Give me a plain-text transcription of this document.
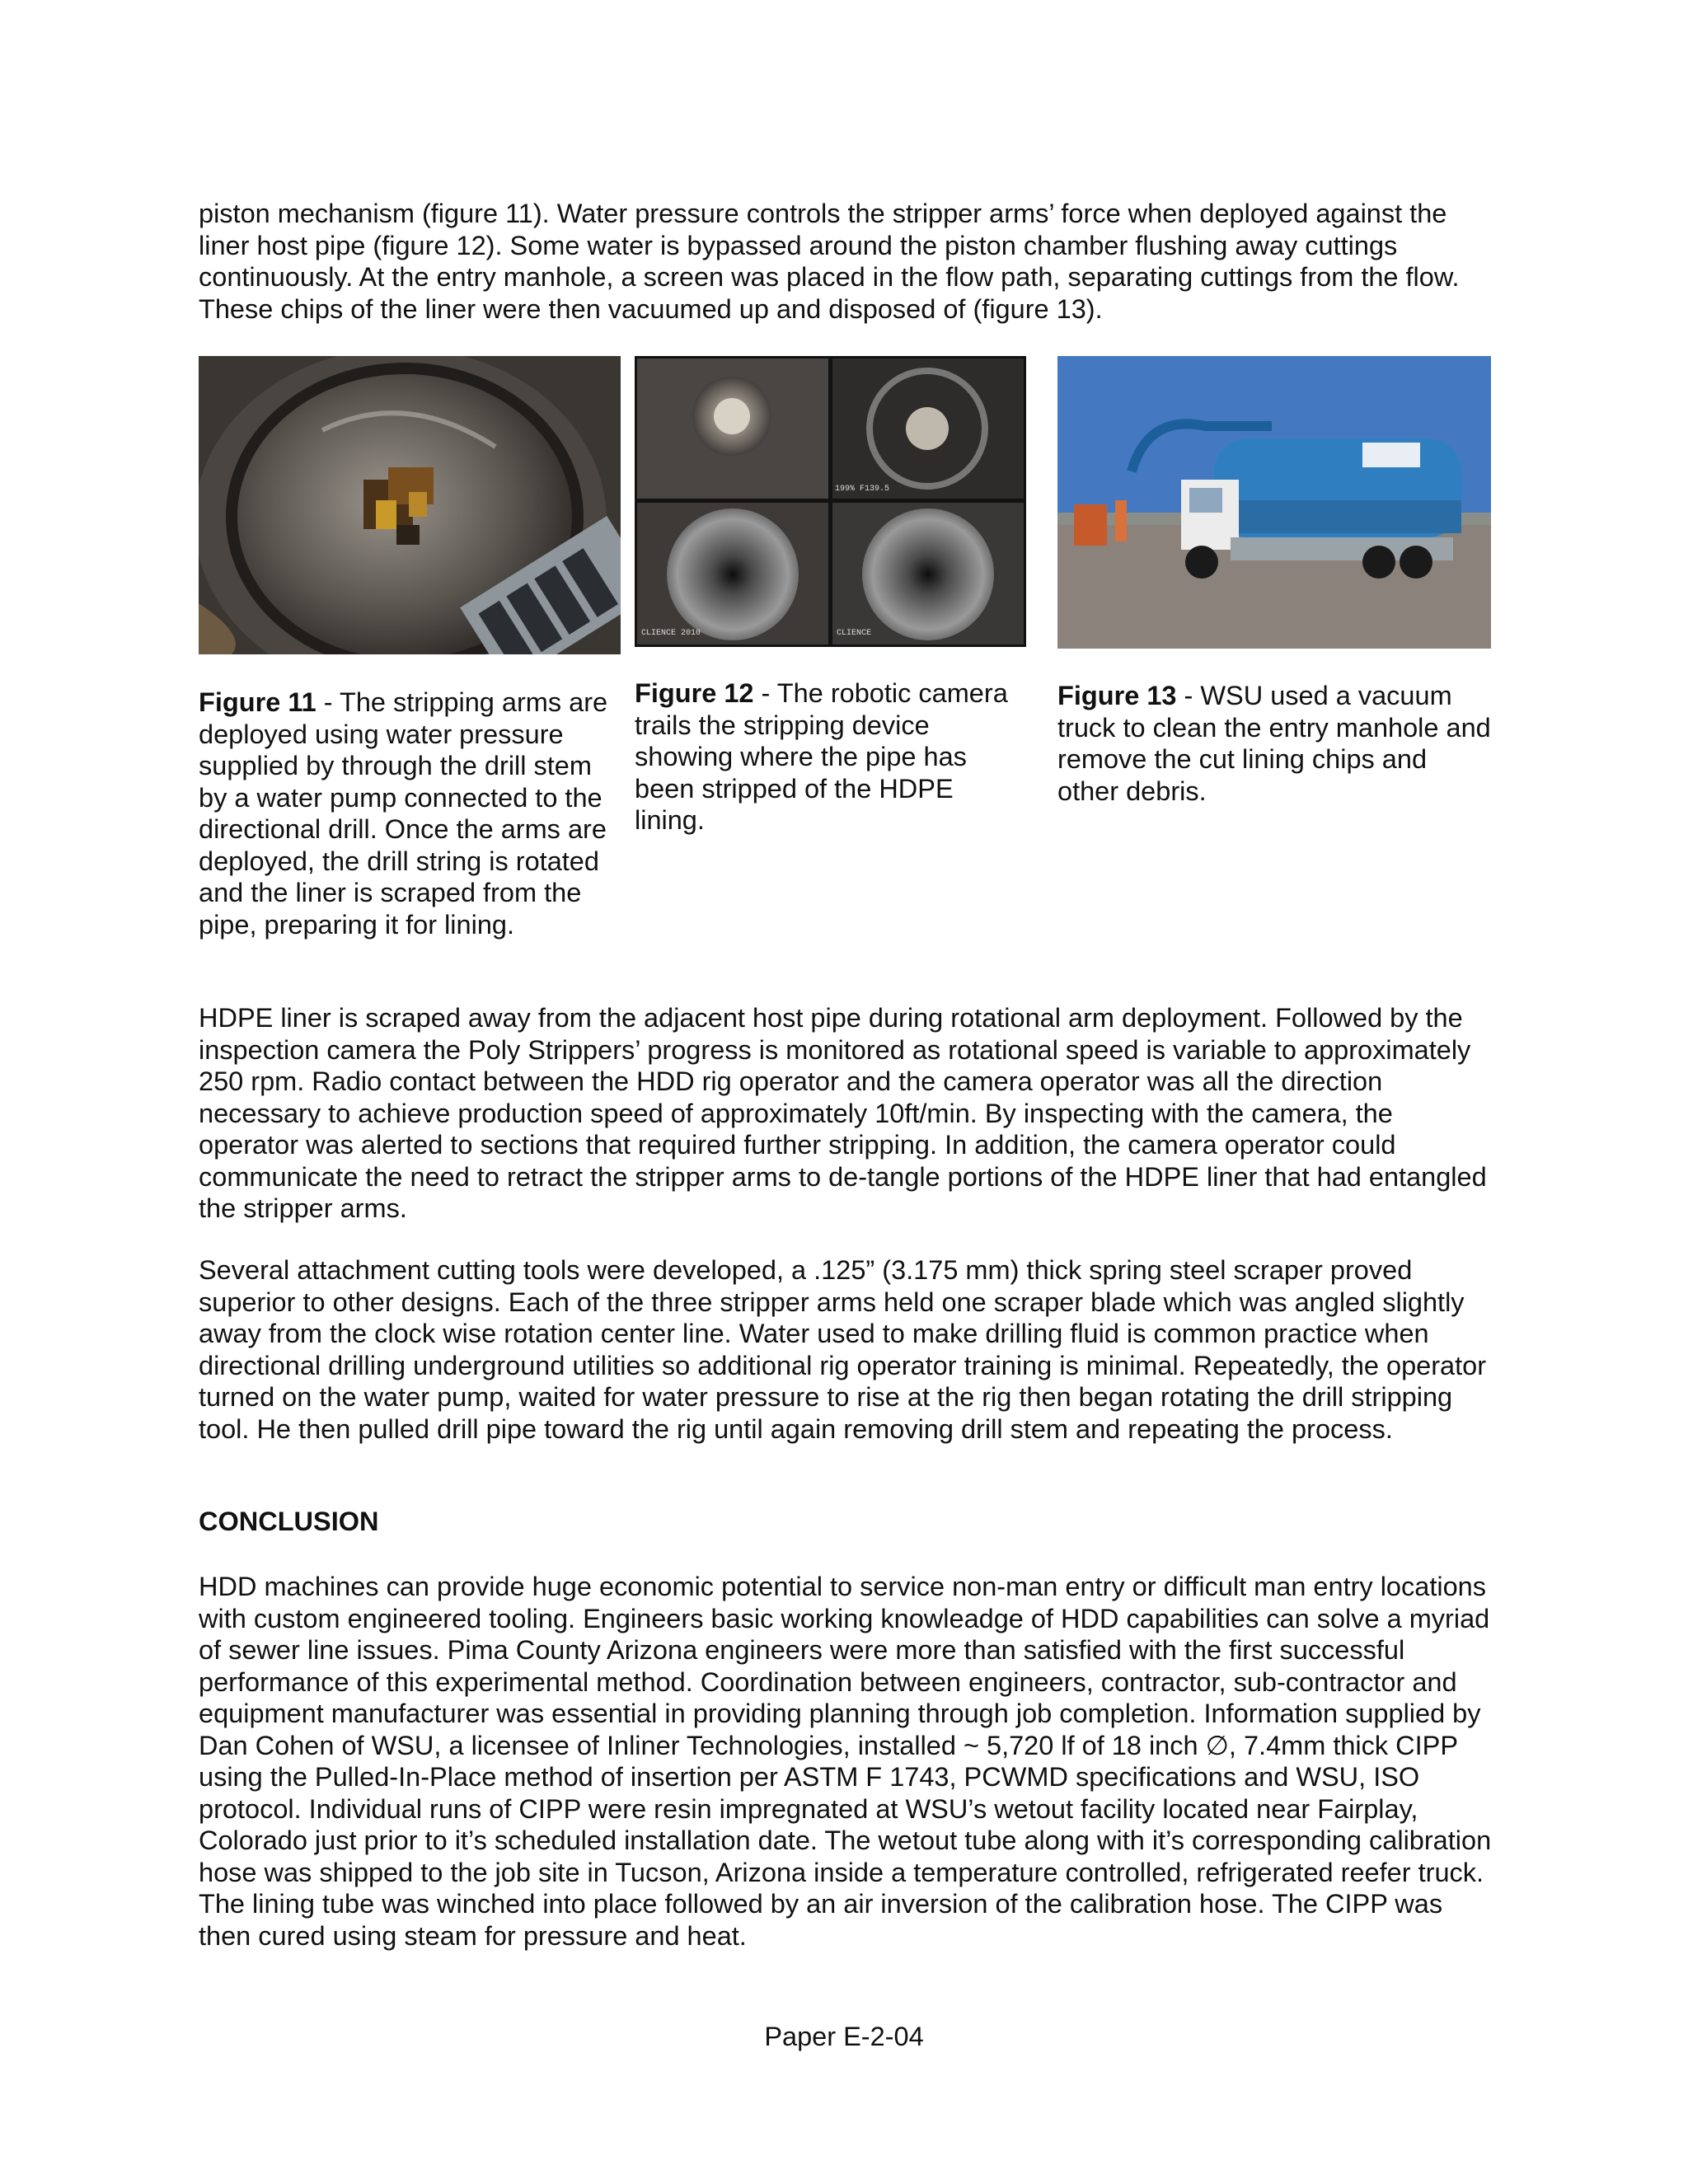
piston mechanism (figure 11). Water pressure controls the stripper arms’ force when deployed against the liner host pipe (figure 12). Some water is bypassed around the piston chamber flushing away cuttings continuously. At the entry manhole, a screen was placed in the flow path, separating cuttings from the flow. These chips of the liner were then vacuumed up and disposed of (figure 13).

199% F139.5
CLIENCE 2010	CLIENCE
Figure 11 - The stripping arms are deployed using water pressure supplied by through the drill stem by a water pump connected to the directional drill. Once the arms are deployed, the drill string is rotated and the liner is scraped from the pipe, preparing it for lining.
Figure 12 - The robotic camera trails the stripping device showing where the pipe has been stripped of the HDPE lining.
Figure 13 - WSU used a vacuum truck to clean the entry manhole and remove the cut lining chips and other debris.

HDPE liner is scraped away from the adjacent host pipe during rotational arm deployment. Followed by the inspection camera the Poly Strippers’ progress is monitored as rotational speed is variable to approximately 250 rpm. Radio contact between the HDD rig operator and the camera operator was all the direction necessary to achieve production speed of approximately 10ft/min. By inspecting with the camera, the operator was alerted to sections that required further stripping. In addition, the camera operator could communicate the need to retract the stripper arms to de-tangle portions of the HDPE liner that had entangled the stripper arms.

Several attachment cutting tools were developed, a .125” (3.175 mm) thick spring steel scraper proved superior to other designs. Each of the three stripper arms held one scraper blade which was angled slightly away from the clock wise rotation center line. Water used to make drilling fluid is common practice when directional drilling underground utilities so additional rig operator training is minimal. Repeatedly, the operator turned on the water pump, waited for water pressure to rise at the rig then began rotating the drill stripping tool. He then pulled drill pipe toward the rig until again removing drill stem and repeating the process.

CONCLUSION

HDD machines can provide huge economic potential to service non-man entry or difficult man entry locations with custom engineered tooling. Engineers basic working knowleadge of HDD capabilities can solve a myriad of sewer line issues. Pima County Arizona engineers were more than satisfied with the first successful performance of this experimental method. Coordination between engineers, contractor, sub-contractor and equipment manufacturer was essential in providing planning through job completion. Information supplied by Dan Cohen of WSU, a licensee of Inliner Technologies, installed ~ 5,720 lf of 18 inch ∅, 7.4mm thick CIPP using the Pulled-In-Place method of insertion per ASTM F 1743, PCWMD specifications and WSU, ISO protocol. Individual runs of CIPP were resin impregnated at WSU’s wetout facility located near Fairplay, Colorado just prior to it’s scheduled installation date. The wetout tube along with it’s corresponding calibration hose was shipped to the job site in Tucson, Arizona inside a temperature controlled, refrigerated reefer truck. The lining tube was winched into place followed by an air inversion of the calibration hose. The CIPP was then cured using steam for pressure and heat.

Paper E-2-04
